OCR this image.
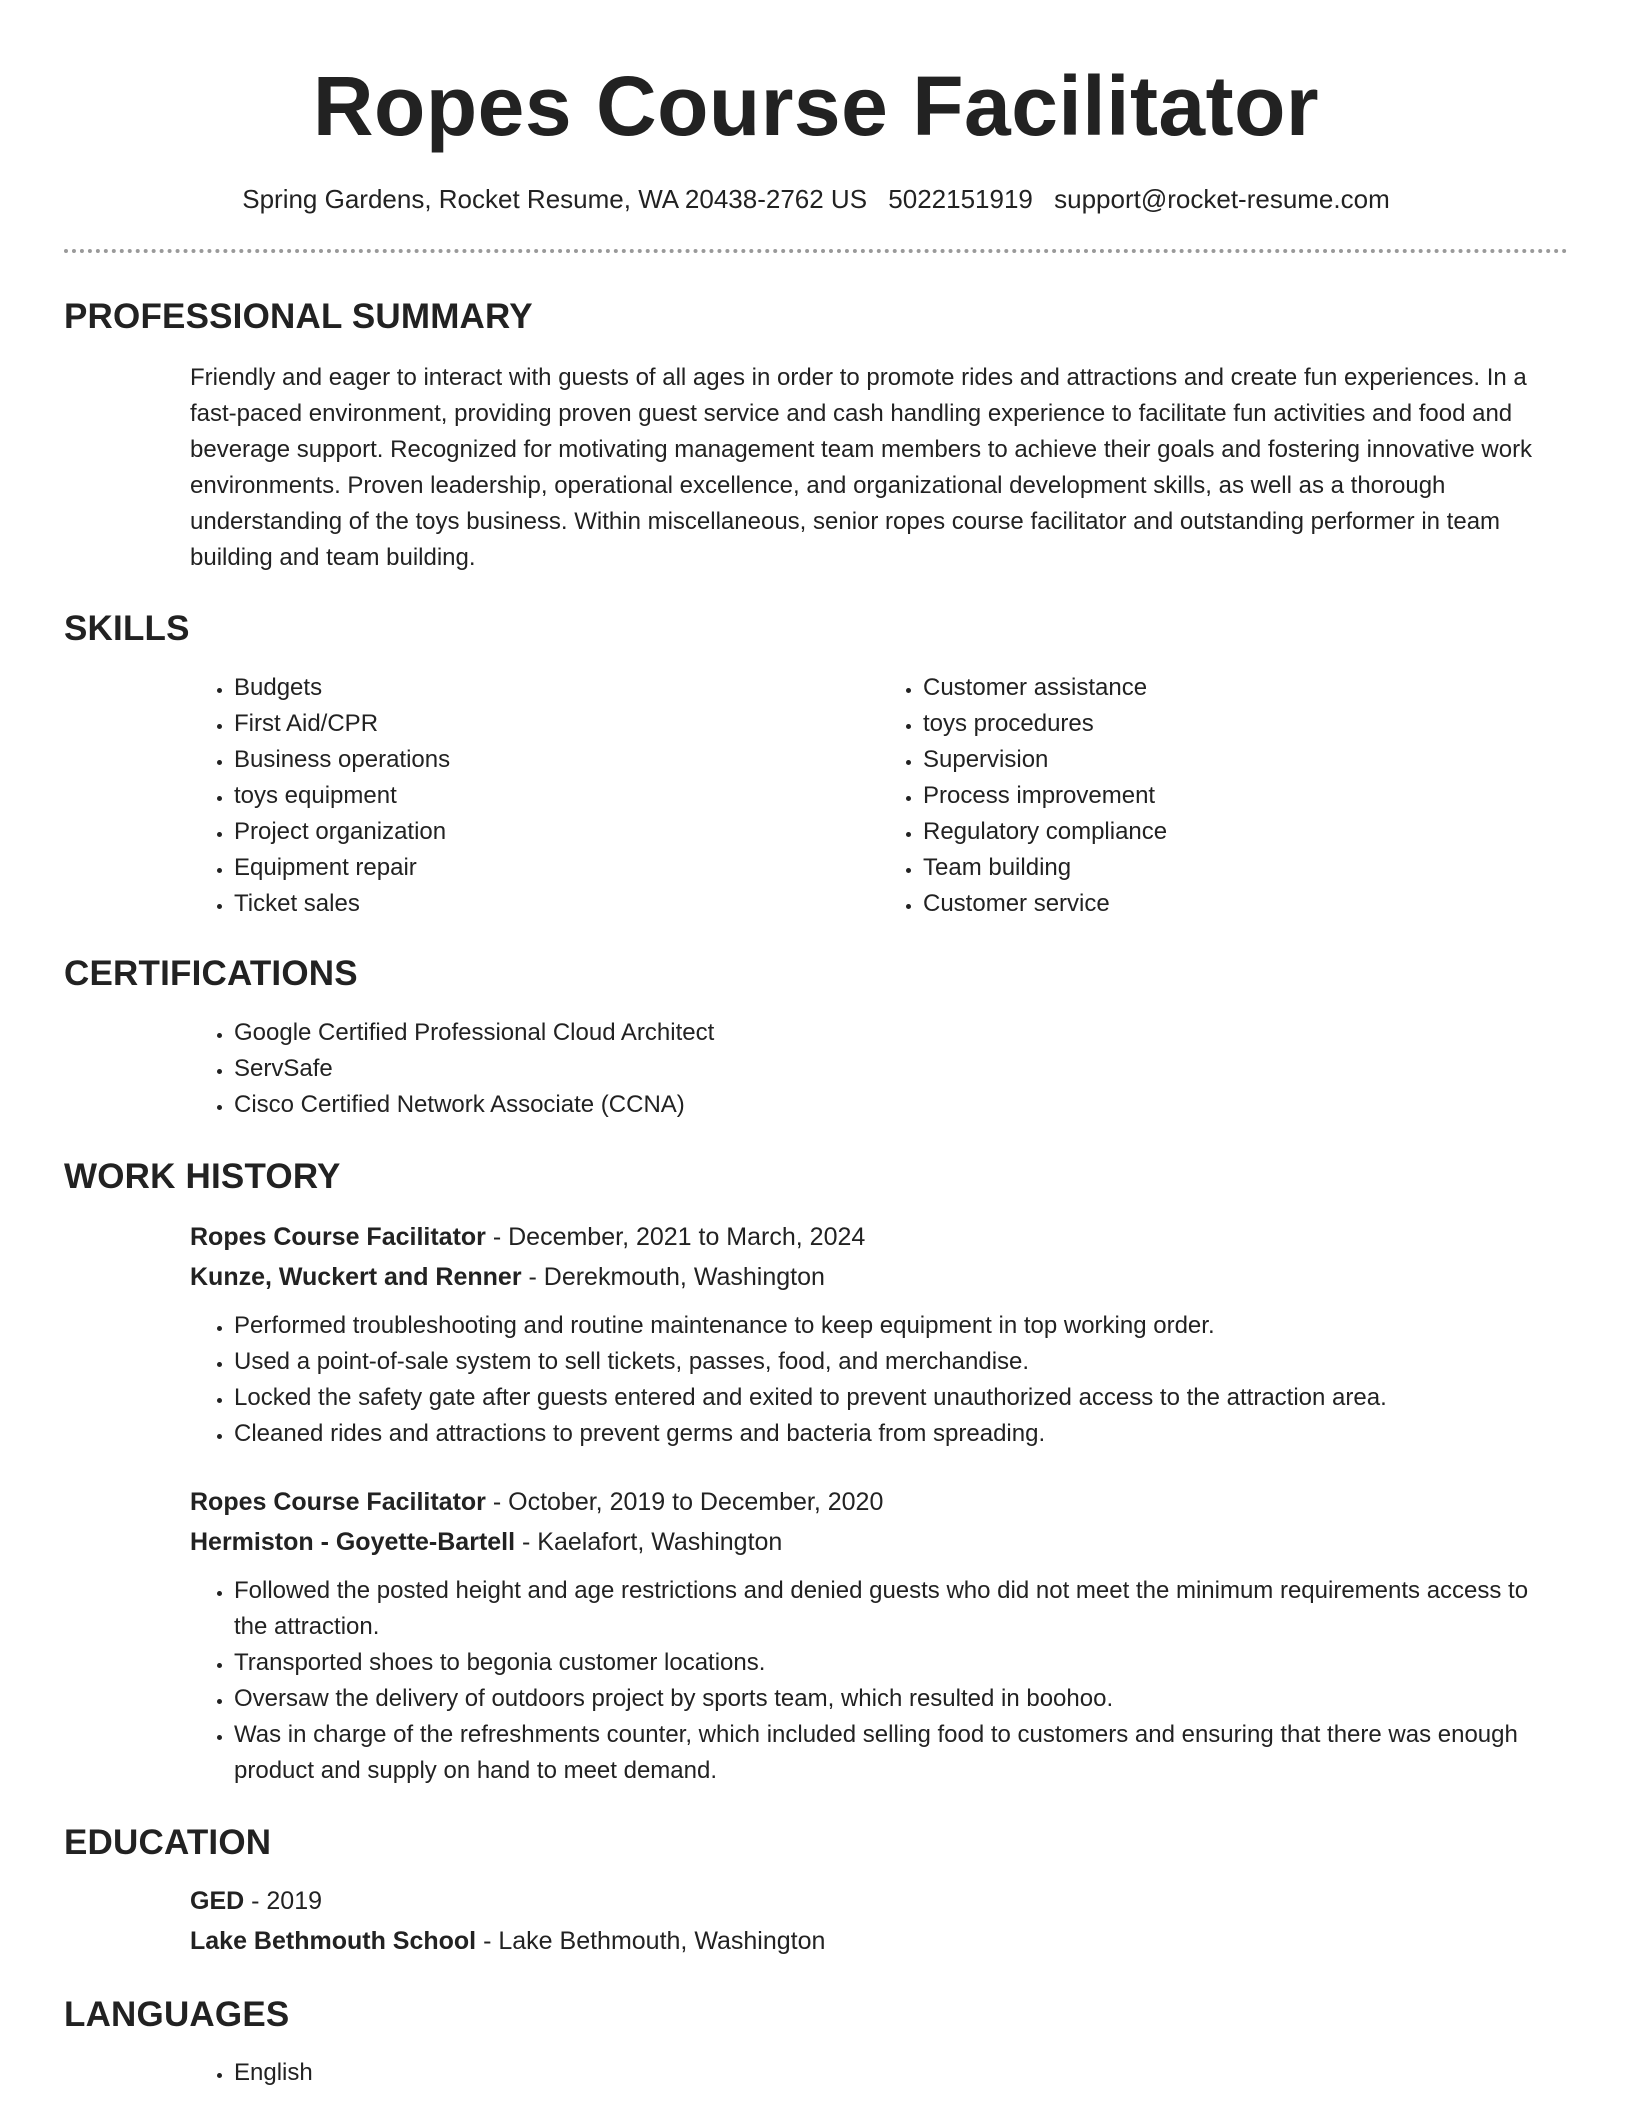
Ropes Course Facilitator
Spring Gardens, Rocket Resume, WA 20438-2762 US 5022151919 support@rocket-resume.com
PROFESSIONAL SUMMARY
Friendly and eager to interact with guests of all ages in order to promote rides and attractions and create fun experiences. In a fast-paced environment, providing proven guest service and cash handling experience to facilitate fun activities and food and beverage support. Recognized for motivating management team members to achieve their goals and fostering innovative work environments. Proven leadership, operational excellence, and organizational development skills, as well as a thorough understanding of the toys business. Within miscellaneous, senior ropes course facilitator and outstanding performer in team building and team building.
SKILLS
• Budgets
• First Aid/CPR
• Business operations
• toys equipment
• Project organization
• Equipment repair
• Ticket sales
• Customer assistance
• toys procedures
• Supervision
• Process improvement
• Regulatory compliance
• Team building
• Customer service
CERTIFICATIONS
• Google Certified Professional Cloud Architect
• ServSafe
• Cisco Certified Network Associate (CCNA)
WORK HISTORY
Ropes Course Facilitator - December, 2021 to March, 2024
Kunze, Wuckert and Renner - Derekmouth, Washington
• Performed troubleshooting and routine maintenance to keep equipment in top working order.
• Used a point-of-sale system to sell tickets, passes, food, and merchandise.
• Locked the safety gate after guests entered and exited to prevent unauthorized access to the attraction area.
• Cleaned rides and attractions to prevent germs and bacteria from spreading.
Ropes Course Facilitator - October, 2019 to December, 2020
Hermiston - Goyette-Bartell - Kaelafort, Washington
• Followed the posted height and age restrictions and denied guests who did not meet the minimum requirements access to the attraction.
• Transported shoes to begonia customer locations.
• Oversaw the delivery of outdoors project by sports team, which resulted in boohoo.
• Was in charge of the refreshments counter, which included selling food to customers and ensuring that there was enough product and supply on hand to meet demand.
EDUCATION
GED - 2019
Lake Bethmouth School - Lake Bethmouth, Washington
LANGUAGES
• English
